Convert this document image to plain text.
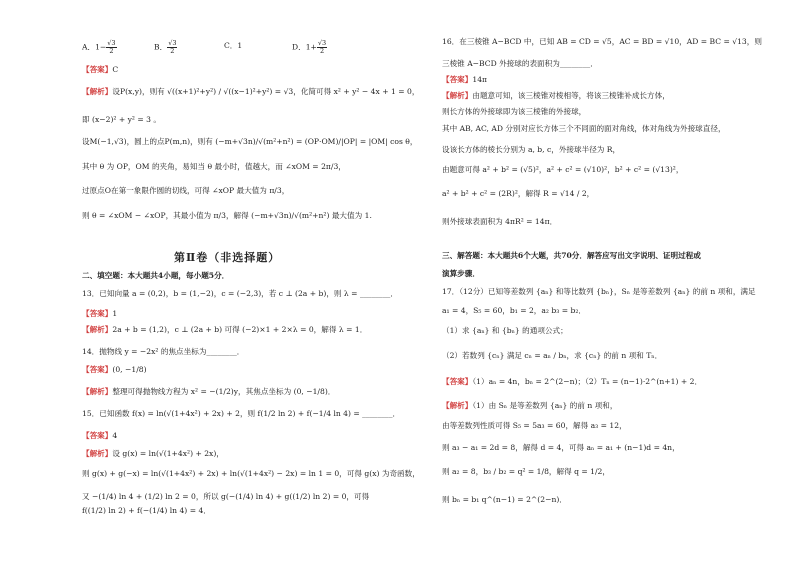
A．$1- \frac{√3}{2}$	B． $\frac{√3}{2}$	C．1	D．$1+ \frac{√3}{2}$
【答案】C
【解析】设P(x,y)，则有 √((x+1)²+y²) / √((x−1)²+y²) = √3，化简可得 x² + y² − 4x + 1 = 0，
即 (x−2)² + y² = 3 。
设M(−1,√3)，圆上的点P(m,n)，则有 (−m+√3n)/√(m²+n²) = (OP·OM)/|OP| = |OM| cos θ，
其中 θ 为 OP，OM 的夹角，易知当 θ 最小时，值越大，而 ∠xOM = 2π/3，
过原点O在第一象限作圆的切线，可得 ∠xOP 最大值为 π/3，
则 θ = ∠xOM − ∠xOP，其最小值为 π/3，解得 (−m+√3n)/√(m²+n²) 最大值为 1.
第Ⅱ卷（非选择题）
二、填空题：本大题共4小题，每小题5分．
13．已知向量 a = (0,2)，b = (1,−2)，c = (−2,3)，若 c ⊥ (2a + b)，则 λ = ________．
【答案】1
【解析】2a + b = (1,2)，c ⊥ (2a + b) 可得 (−2)×1 + 2×λ = 0，解得 λ = 1．
14．抛物线 y = −2x² 的焦点坐标为________．
【答案】(0, −1/8)
【解析】整理可得抛物线方程为 x² = −(1/2)y，其焦点坐标为 (0, −1/8)．
15．已知函数 f(x) = ln(√(1+4x²) + 2x) + 2，则 f(1/2 ln 2) + f(−1/4 ln 4) = ________．
【答案】4
【解析】设 g(x) = ln(√(1+4x²) + 2x)，
则 g(x) + g(−x) = ln(√(1+4x²) + 2x) + ln(√(1+4x²) − 2x) = ln 1 = 0，可得 g(x) 为奇函数，
又 −(1/4) ln 4 + (1/2) ln 2 = 0，所以 g(−(1/4) ln 4) + g((1/2) ln 2) = 0，可得 f((1/2) ln 2) + f(−(1/4) ln 4) = 4．
16．在三棱锥 A−BCD 中，已知 AB = CD = √5，AC = BD = √10，AD = BC = √13，则
三棱锥 A−BCD 外接球的表面积为________．
【答案】14π
【解析】由题意可知，该三棱锥对棱相等，将该三棱锥补成长方体，
则长方体的外接球即为该三棱锥的外接球，
其中 AB, AC, AD 分别对应长方体三个不同面的面对角线，体对角线为外接球直径，
设该长方体的棱长分别为 a, b, c，外接球半径为 R，
由题意可得 a² + b² = (√5)²，a² + c² = (√10)²，b² + c² = (√13)²，
a² + b² + c² = (2R)²，解得 R = √14 / 2，
则外接球表面积为 4πR² = 14π．
三、解答题：本大题共6个大题，共70分．解答应写出文字说明、证明过程或
演算步骤．
17．（12分）已知等差数列 {aₙ} 和等比数列 {bₙ}，Sₙ 是等差数列 {aₙ} 的前 n 项和，满足
a₁ = 4，S₅ = 60，b₁ = 2，a₂ b₃ = b₂．
（1）求 {aₙ} 和 {bₙ} 的通项公式；
（2）若数列 {cₙ} 满足 cₙ = aₙ / bₙ，求 {cₙ} 的前 n 项和 Tₙ．
【答案】（1）aₙ = 4n，bₙ = 2^(2−n)；（2）Tₙ = (n−1)·2^(n+1) + 2．
【解析】（1）由 Sₙ 是等差数列 {aₙ} 的前 n 项和，
由等差数列性质可得 S₅ = 5a₃ = 60，解得 a₃ = 12，
则 a₃ − a₁ = 2d = 8，解得 d = 4，可得 aₙ = a₁ + (n−1)d = 4n，
则 a₂ = 8，b₃ / b₂ = q² = 1/8，解得 q = 1/2，
则 bₙ = b₁ q^(n−1) = 2^(2−n)．
